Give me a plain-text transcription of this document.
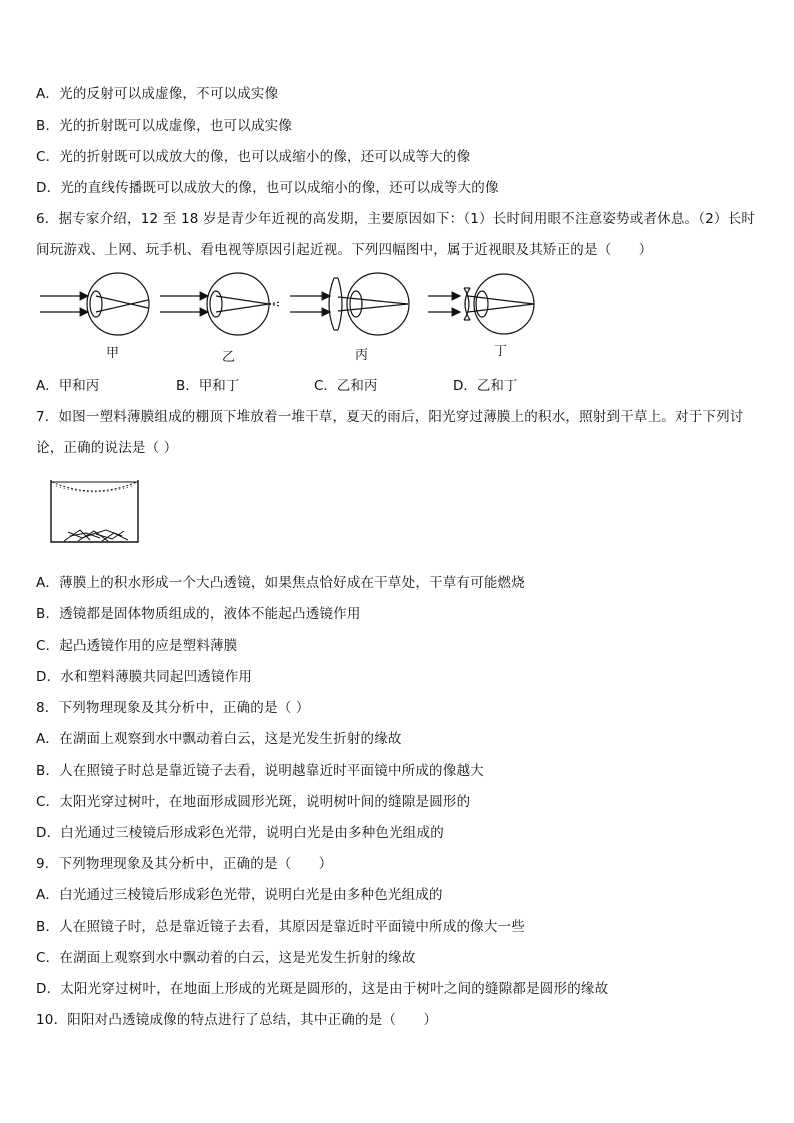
A．光的反射可以成虚像，不可以成实像
B．光的折射既可以成虚像，也可以成实像
C．光的折射既可以成放大的像，也可以成缩小的像，还可以成等大的像
D．光的直线传播既可以成放大的像，也可以成缩小的像，还可以成等大的像
6．据专家介绍，12 至 18 岁是青少年近视的高发期，主要原因如下：（1）长时间用眼不注意姿势或者休息。（2）长时
间玩游戏、上网、玩手机、看电视等原因引起近视。下列四幅图中，属于近视眼及其矫正的是（　　）
甲	乙	丙	丁
A．甲和丙	B．甲和丁	C．乙和丙	D．乙和丁
7．如图一塑料薄膜组成的棚顶下堆放着一堆干草，夏天的雨后，阳光穿过薄膜上的积水，照射到干草上。对于下列讨
论，正确的说法是（ ）
A．薄膜上的积水形成一个大凸透镜，如果焦点恰好成在干草处，干草有可能燃烧
B．透镜都是固体物质组成的，液体不能起凸透镜作用
C．起凸透镜作用的应是塑料薄膜
D．水和塑料薄膜共同起凹透镜作用
8．下列物理现象及其分析中，正确的是（ ）
A．在湖面上观察到水中飘动着白云，这是光发生折射的缘故
B．人在照镜子时总是靠近镜子去看，说明越靠近时平面镜中所成的像越大
C．太阳光穿过树叶，在地面形成圆形光斑，说明树叶间的缝隙是圆形的
D．白光通过三棱镜后形成彩色光带，说明白光是由多种色光组成的
9．下列物理现象及其分析中，正确的是（　　）
A．白光通过三棱镜后形成彩色光带，说明白光是由多种色光组成的
B．人在照镜子时，总是靠近镜子去看，其原因是靠近时平面镜中所成的像大一些
C．在湖面上观察到水中飘动着的白云，这是光发生折射的缘故
D．太阳光穿过树叶，在地面上形成的光斑是圆形的，这是由于树叶之间的缝隙都是圆形的缘故
10．阳阳对凸透镜成像的特点进行了总结，其中正确的是（　　）
